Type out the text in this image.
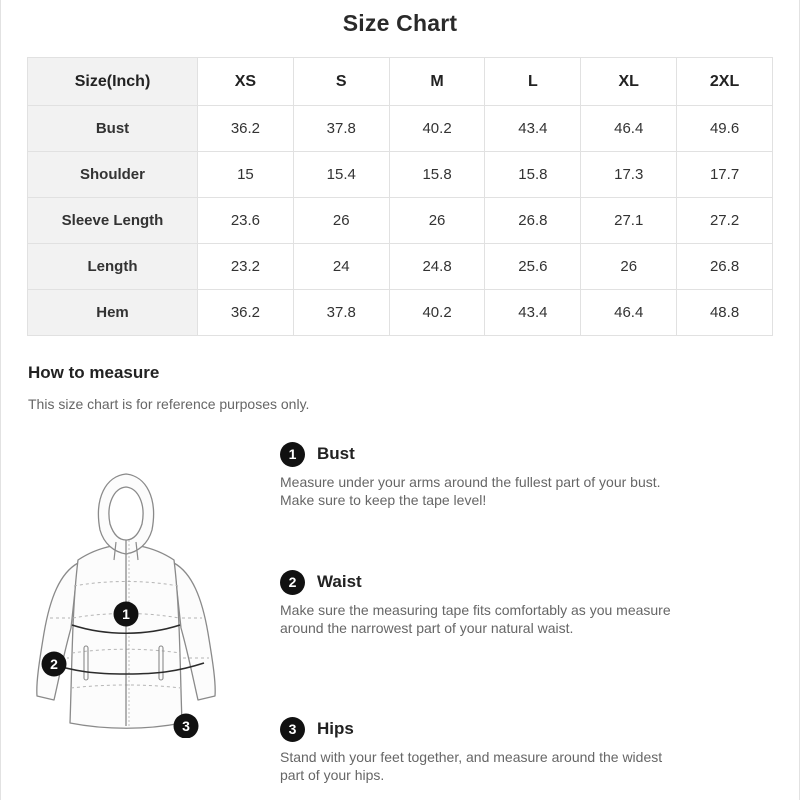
Size Chart
Size(Inch)	XS	S	M	L	XL	2XL
Bust	36.2	37.8	40.2	43.4	46.4	49.6
Shoulder	15	15.4	15.8	15.8	17.3	17.7
Sleeve Length	23.6	26	26	26.8	27.1	27.2
Length	23.2	24	24.8	25.6	26	26.8
Hem	36.2	37.8	40.2	43.4	46.4	48.8
How to measure
This size chart is for reference purposes only.
1
2
3
1	Bust
Measure under your arms around the fullest part of your bust. Make sure to keep the tape level!
2	Waist
Make sure the measuring tape fits comfortably as you measure around the narrowest part of your natural waist.
3	Hips
Stand with your feet together, and measure around the widest part of your hips.
